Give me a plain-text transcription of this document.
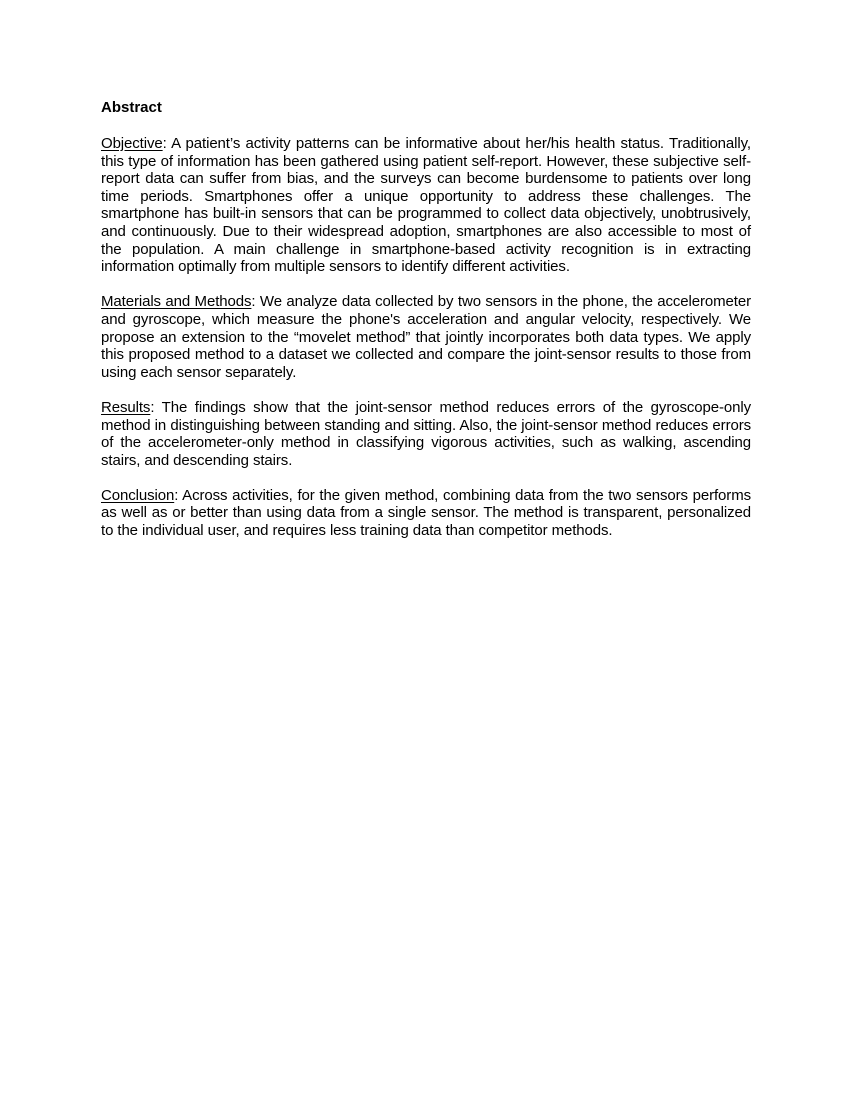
Abstract

Objective: A patient’s activity patterns can be informative about her/his health status. Traditionally, this type of information has been gathered using patient self-report. However, these subjective self-report data can suffer from bias, and the surveys can become burdensome to patients over long time periods. Smartphones offer a unique opportunity to address these challenges. The smartphone has built-in sensors that can be programmed to collect data objectively, unobtrusively, and continuously. Due to their widespread adoption, smartphones are also accessible to most of the population. A main challenge in smartphone-based activity recognition is in extracting information optimally from multiple sensors to identify different activities.

Materials and Methods: We analyze data collected by two sensors in the phone, the accelerometer and gyroscope, which measure the phone's acceleration and angular velocity, respectively. We propose an extension to the “movelet method” that jointly incorporates both data types. We apply this proposed method to a dataset we collected and compare the joint-sensor results to those from using each sensor separately.

Results: The findings show that the joint-sensor method reduces errors of the gyroscope-only method in distinguishing between standing and sitting. Also, the joint-sensor method reduces errors of the accelerometer-only method in classifying vigorous activities, such as walking, ascending stairs, and descending stairs.

Conclusion: Across activities, for the given method, combining data from the two sensors performs as well as or better than using data from a single sensor. The method is transparent, personalized to the individual user, and requires less training data than competitor methods.
